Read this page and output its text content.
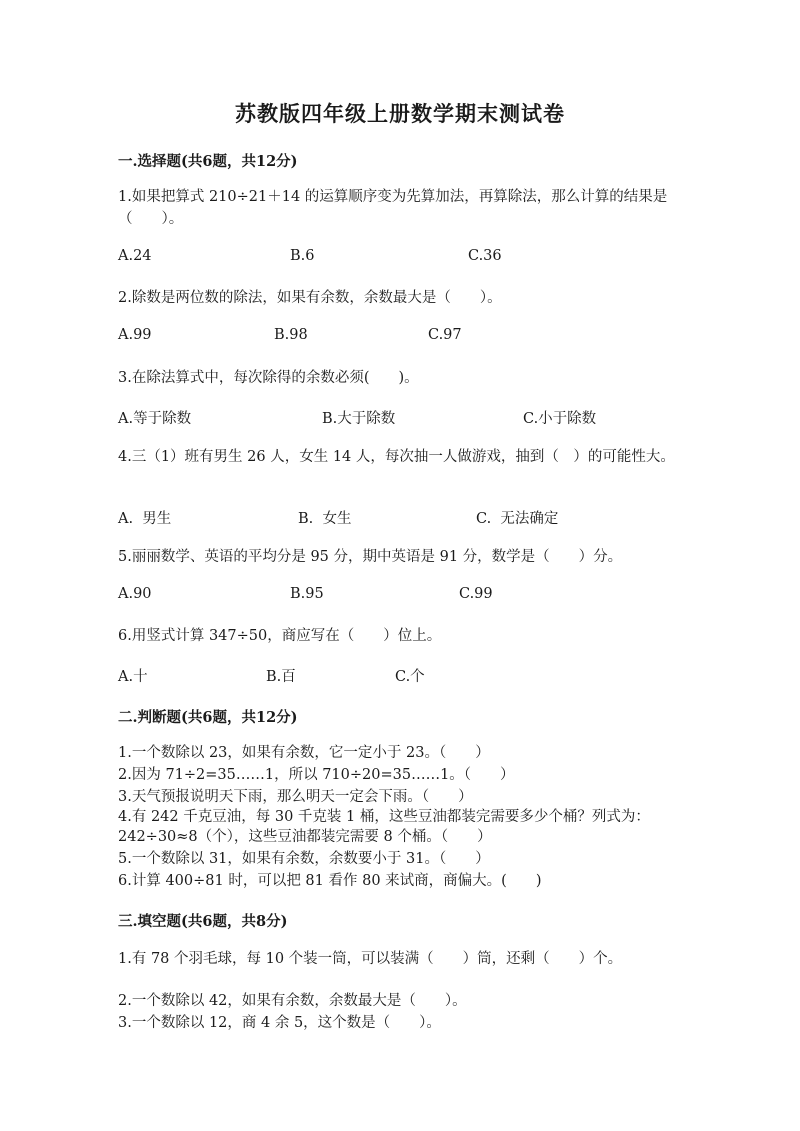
苏教版四年级上册数学期末测试卷
一.选择题(共6题，共12分)
1.如果把算式 210÷21＋14 的运算顺序变为先算加法，再算除法，那么计算的结果是（　　）。
A.24	B.6	C.36
2.除数是两位数的除法，如果有余数，余数最大是（　　）。
A.99	B.98	C.97
3.在除法算式中，每次除得的余数必须(　　)。
A.等于除数	B.大于除数	C.小于除数
4.三（1）班有男生 26 人，女生 14 人，每次抽一人做游戏，抽到（　）的可能性大。
A.  男生	B.  女生	C.  无法确定
5.丽丽数学、英语的平均分是 95 分，期中英语是 91 分，数学是（　　）分。
A.90	B.95	C.99
6.用竖式计算 347÷50，商应写在（　　）位上。
A.十	B.百	C.个
二.判断题(共6题，共12分)
1.一个数除以 23，如果有余数，它一定小于 23。（　　）
2.因为 71÷2=35……1，所以 710÷20=35……1。（　　）
3.天气预报说明天下雨，那么明天一定会下雨。（　　）
4.有 242 千克豆油，每 30 千克装 1 桶，这些豆油都装完需要多少个桶？列式为：242÷30≈8（个），这些豆油都装完需要 8 个桶。（　　）
5.一个数除以 31，如果有余数，余数要小于 31。（　　）
6.计算 400÷81 时，可以把 81 看作 80 来试商，商偏大。(　　)
三.填空题(共6题，共8分)
1.有 78 个羽毛球，每 10 个装一筒，可以装满（　　）筒，还剩（　　）个。
2.一个数除以 42，如果有余数，余数最大是（　　）。
3.一个数除以 12，商 4 余 5，这个数是（　　）。
